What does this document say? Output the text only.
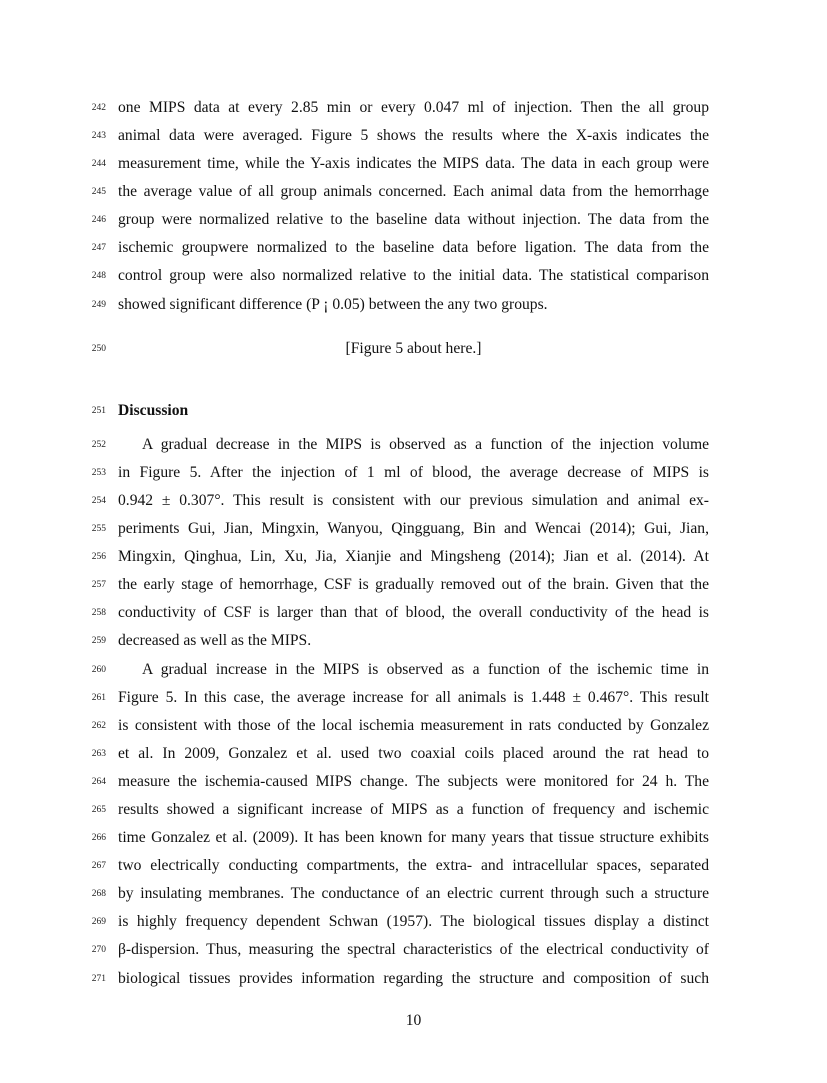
242 one MIPS data at every 2.85 min or every 0.047 ml of injection. Then the all group
243 animal data were averaged. Figure 5 shows the results where the X-axis indicates the
244 measurement time, while the Y-axis indicates the MIPS data. The data in each group were
245 the average value of all group animals concerned. Each animal data from the hemorrhage
246 group were normalized relative to the baseline data without injection. The data from the
247 ischemic groupwere normalized to the baseline data before ligation. The data from the
248 control group were also normalized relative to the initial data. The statistical comparison
249 showed significant difference (P ¡ 0.05) between the any two groups.
250	[Figure 5 about here.]
251 Discussion
252	A gradual decrease in the MIPS is observed as a function of the injection volume
253 in Figure 5. After the injection of 1 ml of blood, the average decrease of MIPS is
254 0.942 ± 0.307°. This result is consistent with our previous simulation and animal ex-
255 periments Gui, Jian, Mingxin, Wanyou, Qingguang, Bin and Wencai (2014); Gui, Jian,
256 Mingxin, Qinghua, Lin, Xu, Jia, Xianjie and Mingsheng (2014); Jian et al. (2014). At
257 the early stage of hemorrhage, CSF is gradually removed out of the brain. Given that the
258 conductivity of CSF is larger than that of blood, the overall conductivity of the head is
259 decreased as well as the MIPS.
260	A gradual increase in the MIPS is observed as a function of the ischemic time in
261 Figure 5. In this case, the average increase for all animals is 1.448 ± 0.467°. This result
262 is consistent with those of the local ischemia measurement in rats conducted by Gonzalez
263 et al. In 2009, Gonzalez et al. used two coaxial coils placed around the rat head to
264 measure the ischemia-caused MIPS change. The subjects were monitored for 24 h. The
265 results showed a significant increase of MIPS as a function of frequency and ischemic
266 time Gonzalez et al. (2009). It has been known for many years that tissue structure exhibits
267 two electrically conducting compartments, the extra- and intracellular spaces, separated
268 by insulating membranes. The conductance of an electric current through such a structure
269 is highly frequency dependent Schwan (1957). The biological tissues display a distinct
270 β-dispersion. Thus, measuring the spectral characteristics of the electrical conductivity of
271 biological tissues provides information regarding the structure and composition of such
10
